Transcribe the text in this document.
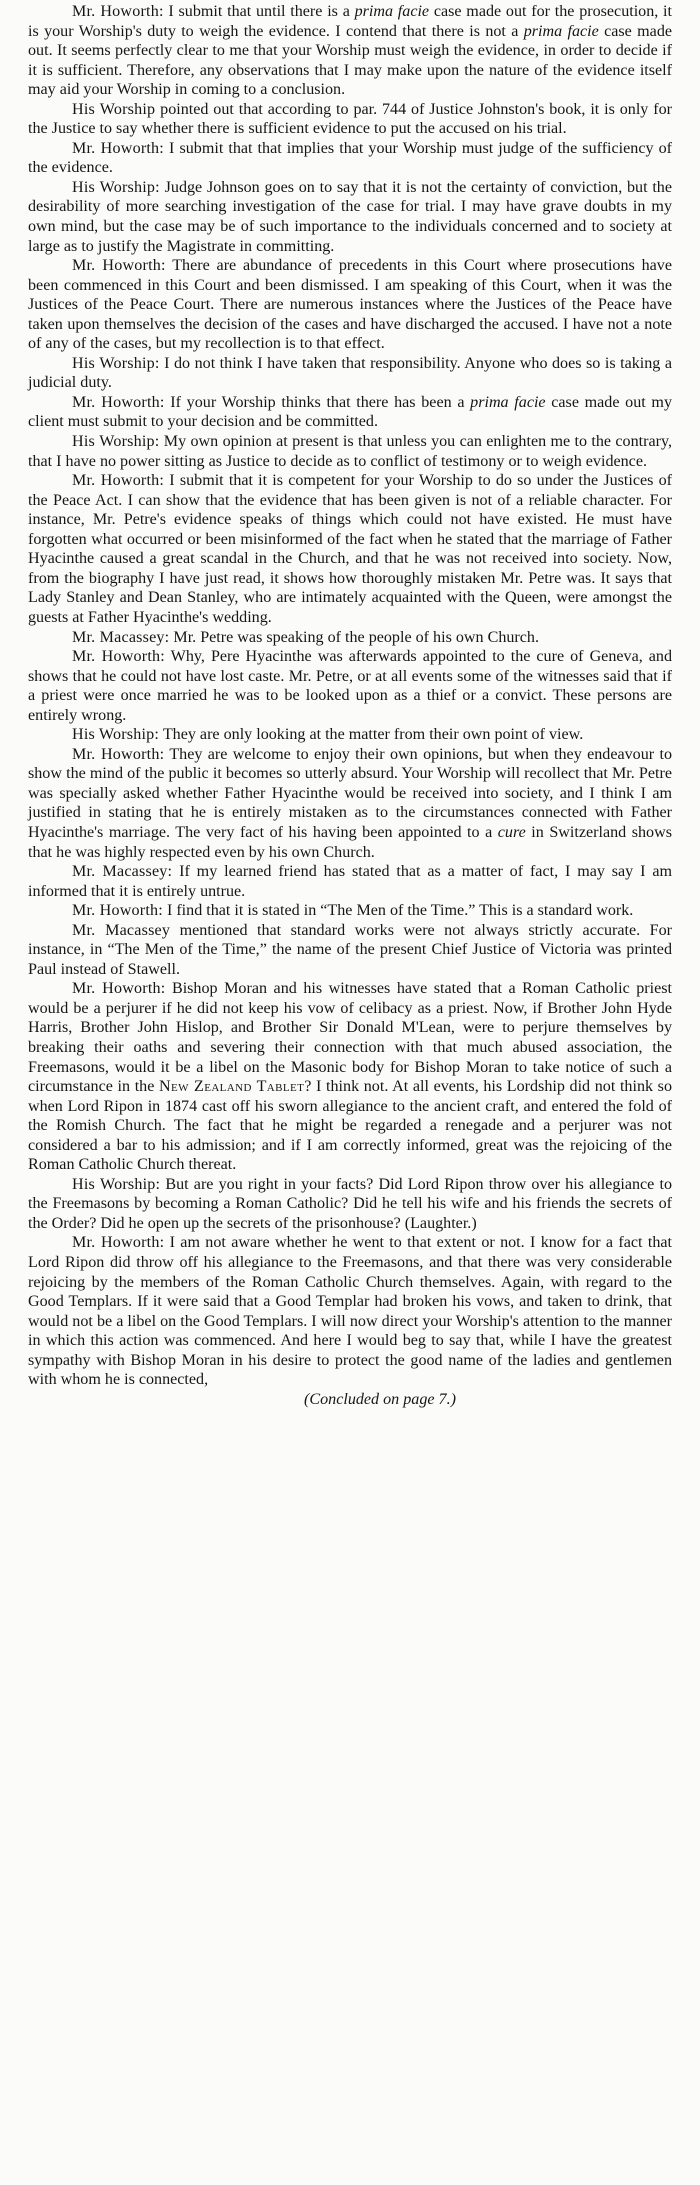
Mr. Howorth: I submit that until there is a prima facie case made out for the prosecution, it is your Worship's duty to weigh the evidence. I contend that there is not a prima facie case made out. It seems perfectly clear to me that your Worship must weigh the evidence, in order to decide if it is sufficient. Therefore, any observations that I may make upon the nature of the evidence itself may aid your Worship in coming to a conclusion.

His Worship pointed out that according to par. 744 of Justice Johnston's book, it is only for the Justice to say whether there is sufficient evidence to put the accused on his trial.

Mr. Howorth: I submit that that implies that your Worship must judge of the sufficiency of the evidence.

His Worship: Judge Johnson goes on to say that it is not the certainty of conviction, but the desirability of more searching investigation of the case for trial. I may have grave doubts in my own mind, but the case may be of such importance to the individuals concerned and to society at large as to justify the Magistrate in committing.

Mr. Howorth: There are abundance of precedents in this Court where prosecutions have been commenced in this Court and been dismissed. I am speaking of this Court, when it was the Justices of the Peace Court. There are numerous instances where the Justices of the Peace have taken upon themselves the decision of the cases and have discharged the accused. I have not a note of any of the cases, but my recollection is to that effect.

His Worship: I do not think I have taken that responsibility. Anyone who does so is taking a judicial duty.

Mr. Howorth: If your Worship thinks that there has been a prima facie case made out my client must submit to your decision and be committed.

His Worship: My own opinion at present is that unless you can enlighten me to the contrary, that I have no power sitting as Justice to decide as to conflict of testimony or to weigh evidence.

Mr. Howorth: I submit that it is competent for your Worship to do so under the Justices of the Peace Act. I can show that the evidence that has been given is not of a reliable character. For instance, Mr. Petre's evidence speaks of things which could not have existed. He must have forgotten what occurred or been misinformed of the fact when he stated that the marriage of Father Hyacinthe caused a great scandal in the Church, and that he was not received into society. Now, from the biography I have just read, it shows how thoroughly mistaken Mr. Petre was. It says that Lady Stanley and Dean Stanley, who are intimately acquainted with the Queen, were amongst the guests at Father Hyacinthe's wedding.

Mr. Macassey: Mr. Petre was speaking of the people of his own Church.

Mr. Howorth: Why, Pere Hyacinthe was afterwards appointed to the cure of Geneva, and shows that he could not have lost caste. Mr. Petre, or at all events some of the witnesses said that if a priest were once married he was to be looked upon as a thief or a convict. These persons are entirely wrong.

His Worship: They are only looking at the matter from their own point of view.

Mr. Howorth: They are welcome to enjoy their own opinions, but when they endeavour to show the mind of the public it becomes so utterly absurd. Your Worship will recollect that Mr. Petre was specially asked whether Father Hyacinthe would be received into society, and I think I am justified in stating that he is entirely mistaken as to the circumstances connected with Father Hyacinthe's marriage. The very fact of his having been appointed to a cure in Switzerland shows that he was highly respected even by his own Church.

Mr. Macassey: If my learned friend has stated that as a matter of fact, I may say I am informed that it is entirely untrue.

Mr. Howorth: I find that it is stated in “The Men of the Time.” This is a standard work.

Mr. Macassey mentioned that standard works were not always strictly accurate. For instance, in “The Men of the Time,” the name of the present Chief Justice of Victoria was printed Paul instead of Stawell.

Mr. Howorth: Bishop Moran and his witnesses have stated that a Roman Catholic priest would be a perjurer if he did not keep his vow of celibacy as a priest. Now, if Brother John Hyde Harris, Brother John Hislop, and Brother Sir Donald M'Lean, were to perjure themselves by breaking their oaths and severing their connection with that much abused association, the Freemasons, would it be a libel on the Masonic body for Bishop Moran to take notice of such a circumstance in the New Zealand Tablet? I think not. At all events, his Lordship did not think so when Lord Ripon in 1874 cast off his sworn allegiance to the ancient craft, and entered the fold of the Romish Church. The fact that he might be regarded a renegade and a perjurer was not considered a bar to his admission; and if I am correctly informed, great was the rejoicing of the Roman Catholic Church thereat.

His Worship: But are you right in your facts? Did Lord Ripon throw over his allegiance to the Freemasons by becoming a Roman Catholic? Did he tell his wife and his friends the secrets of the Order? Did he open up the secrets of the prisonhouse? (Laughter.)

Mr. Howorth: I am not aware whether he went to that extent or not. I know for a fact that Lord Ripon did throw off his allegiance to the Freemasons, and that there was very considerable rejoicing by the members of the Roman Catholic Church themselves. Again, with regard to the Good Templars. If it were said that a Good Templar had broken his vows, and taken to drink, that would not be a libel on the Good Templars. I will now direct your Worship's attention to the manner in which this action was commenced. And here I would beg to say that, while I have the greatest sympathy with Bishop Moran in his desire to protect the good name of the ladies and gentlemen with whom he is connected,

(Concluded on page 7.)
